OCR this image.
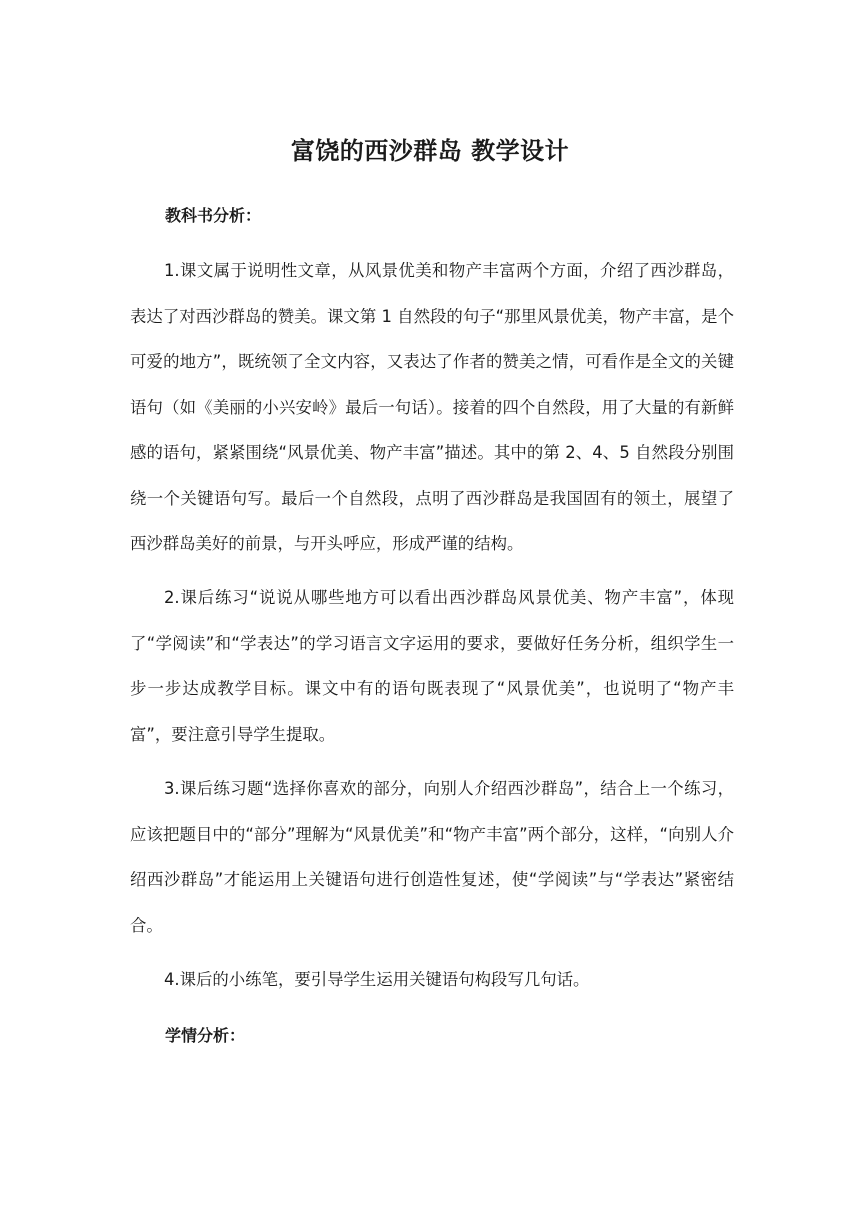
富饶的西沙群岛 教学设计
教科书分析：

1.课文属于说明性文章，从风景优美和物产丰富两个方面，介绍了西沙群岛，表达了对西沙群岛的赞美。课文第 1 自然段的句子“那里风景优美，物产丰富，是个可爱的地方”，既统领了全文内容，又表达了作者的赞美之情，可看作是全文的关键语句（如《美丽的小兴安岭》最后一句话）。接着的四个自然段，用了大量的有新鲜感的语句，紧紧围绕“风景优美、物产丰富”描述。其中的第 2、4、5 自然段分别围绕一个关键语句写。最后一个自然段，点明了西沙群岛是我国固有的领土，展望了西沙群岛美好的前景，与开头呼应，形成严谨的结构。

2.课后练习“说说从哪些地方可以看出西沙群岛风景优美、物产丰富”，体现了“学阅读”和“学表达”的学习语言文字运用的要求，要做好任务分析，组织学生一步一步达成教学目标。课文中有的语句既表现了“风景优美”，也说明了“物产丰富”，要注意引导学生提取。

3.课后练习题“选择你喜欢的部分，向别人介绍西沙群岛”，结合上一个练习，应该把题目中的“部分”理解为“风景优美”和“物产丰富”两个部分，这样，“向别人介绍西沙群岛”才能运用上关键语句进行创造性复述，使“学阅读”与“学表达”紧密结合。

4.课后的小练笔，要引导学生运用关键语句构段写几句话。

学情分析：
